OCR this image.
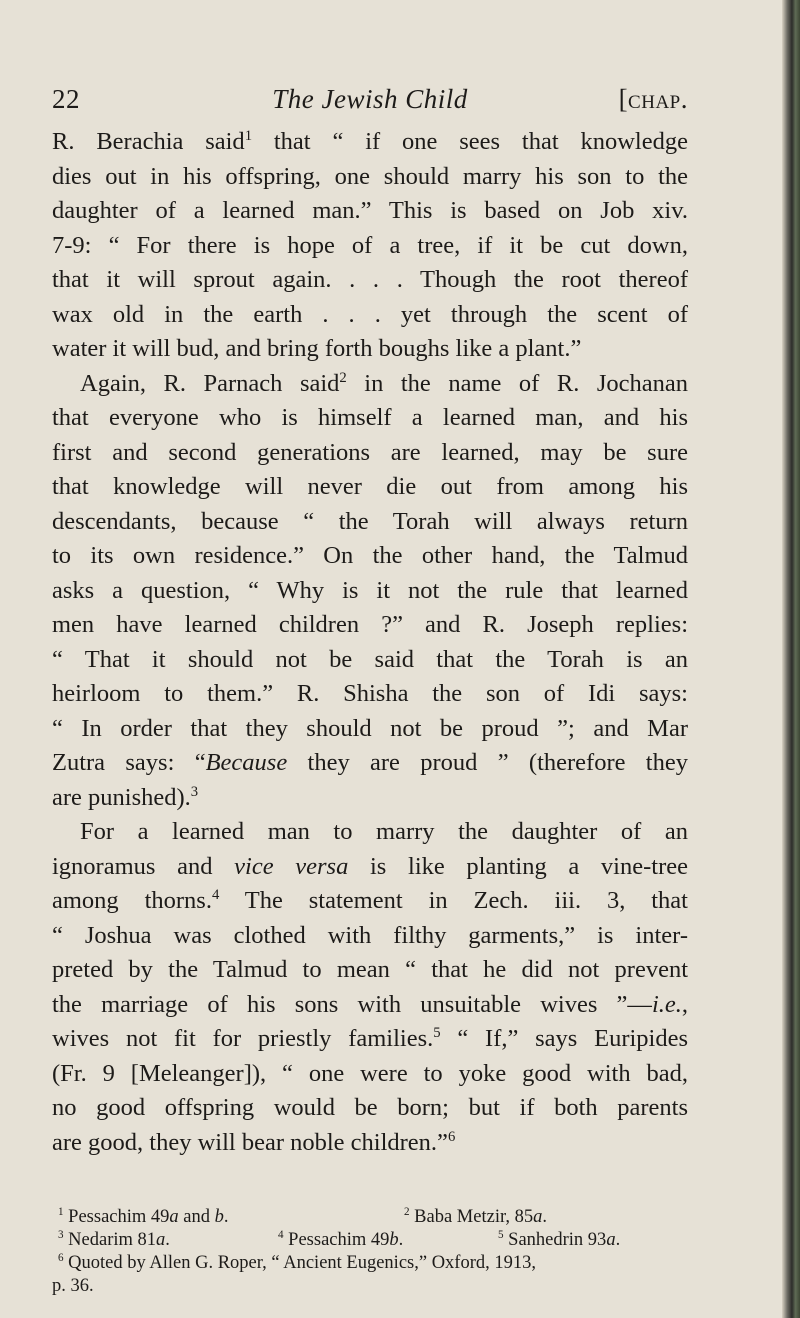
22	The Jewish Child	[chap.
R. Berachia said$^1$ that “ if one sees that knowledge
dies out in his offspring, one should marry his son to the
daughter of a learned man.” This is based on Job xiv.
7-9: “ For there is hope of a tree, if it be cut down,
that it will sprout again. . . . Though the root thereof
wax old in the earth . . . yet through the scent of
water it will bud, and bring forth boughs like a plant.”
Again, R. Parnach said$^2$ in the name of R. Jochanan
that everyone who is himself a learned man, and his
first and second generations are learned, may be sure
that knowledge will never die out from among his
descendants, because “ the Torah will always return
to its own residence.” On the other hand, the Talmud
asks a question, “ Why is it not the rule that learned
men have learned children ?” and R. Joseph replies:
“ That it should not be said that the Torah is an
heirloom to them.” R. Shisha the son of Idi says:
“ In order that they should not be proud ”; and Mar
Zutra says: “Because they are proud ” (therefore they
are punished).$^3$
For a learned man to marry the daughter of an
ignoramus and vice versa is like planting a vine-tree
among thorns.$^4$ The statement in Zech. iii. 3, that
“ Joshua was clothed with filthy garments,” is inter-
preted by the Talmud to mean “ that he did not prevent
the marriage of his sons with unsuitable wives ”—i.e.,
wives not fit for priestly families.$^5$ “ If,” says Euripides
(Fr. 9 [Meleanger]), “ one were to yoke good with bad,
no good offspring would be born; but if both parents
are good, they will bear noble children.”$^6$
$^1$ Pessachim 49a and b.	$^2$ Baba Metzir, 85a.
$^3$ Nedarim 81a.	$^4$ Pessachim 49b.	$^5$ Sanhedrin 93a.
$^6$ Quoted by Allen G. Roper, “ Ancient Eugenics,” Oxford, 1913,
p. 36.
